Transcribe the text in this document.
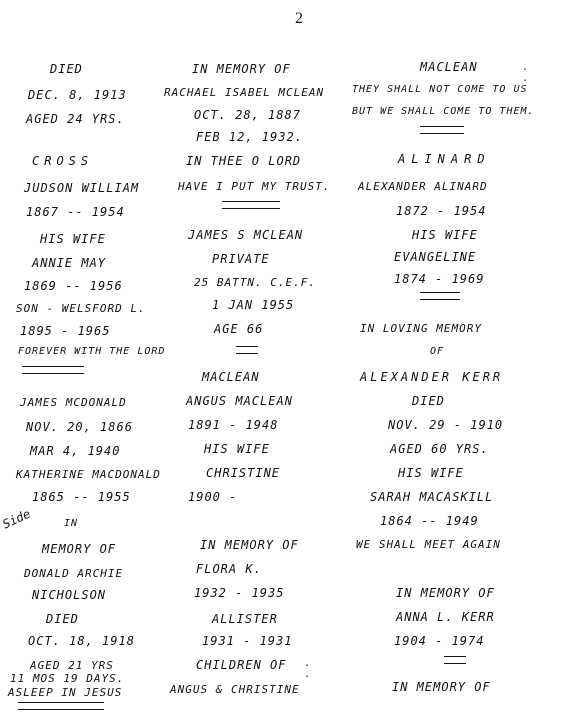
2
Side
DIED
DEC. 8, 1913
AGED 24 YRS.
CROSS
JUDSON WILLIAM
1867 -- 1954
HIS WIFE
ANNIE MAY
1869 -- 1956
SON - WELSFORD L.
1895 - 1965
FOREVER WITH THE LORD
JAMES MCDONALD
NOV. 20, 1866
MAR 4, 1940
KATHERINE MACDONALD
1865 -- 1955
IN
MEMORY OF
DONALD ARCHIE
NICHOLSON
DIED
OCT. 18, 1918
AGED 21 YRS
11 MOS 19 DAYS.
ASLEEP IN JESUS
IN MEMORY OF
RACHAEL ISABEL MCLEAN
OCT. 28, 1887
FEB 12, 1932.
IN THEE O LORD
HAVE I PUT MY TRUST.
JAMES S MCLEAN
PRIVATE
25 BATTN. C.E.F.
1 JAN 1955
AGE 66
MACLEAN
ANGUS MACLEAN
1891 - 1948
HIS WIFE
CHRISTINE
1900 -
IN MEMORY OF
FLORA K.
1932 - 1935
ALLISTER
1931 - 1931
CHILDREN OF
ANGUS & CHRISTINE
. .
MACLEAN	. .
THEY SHALL NOT COME TO US
BUT WE SHALL COME TO THEM.
ALINARD
ALEXANDER ALINARD
1872 - 1954
HIS WIFE
EVANGELINE
1874 - 1969
IN LOVING MEMORY
OF
ALEXANDER KERR
DIED
NOV. 29 - 1910
AGED 60 YRS.
HIS WIFE
SARAH MACASKILL
1864 -- 1949
WE SHALL MEET AGAIN
IN MEMORY OF
ANNA L. KERR
1904 - 1974
IN MEMORY OF
